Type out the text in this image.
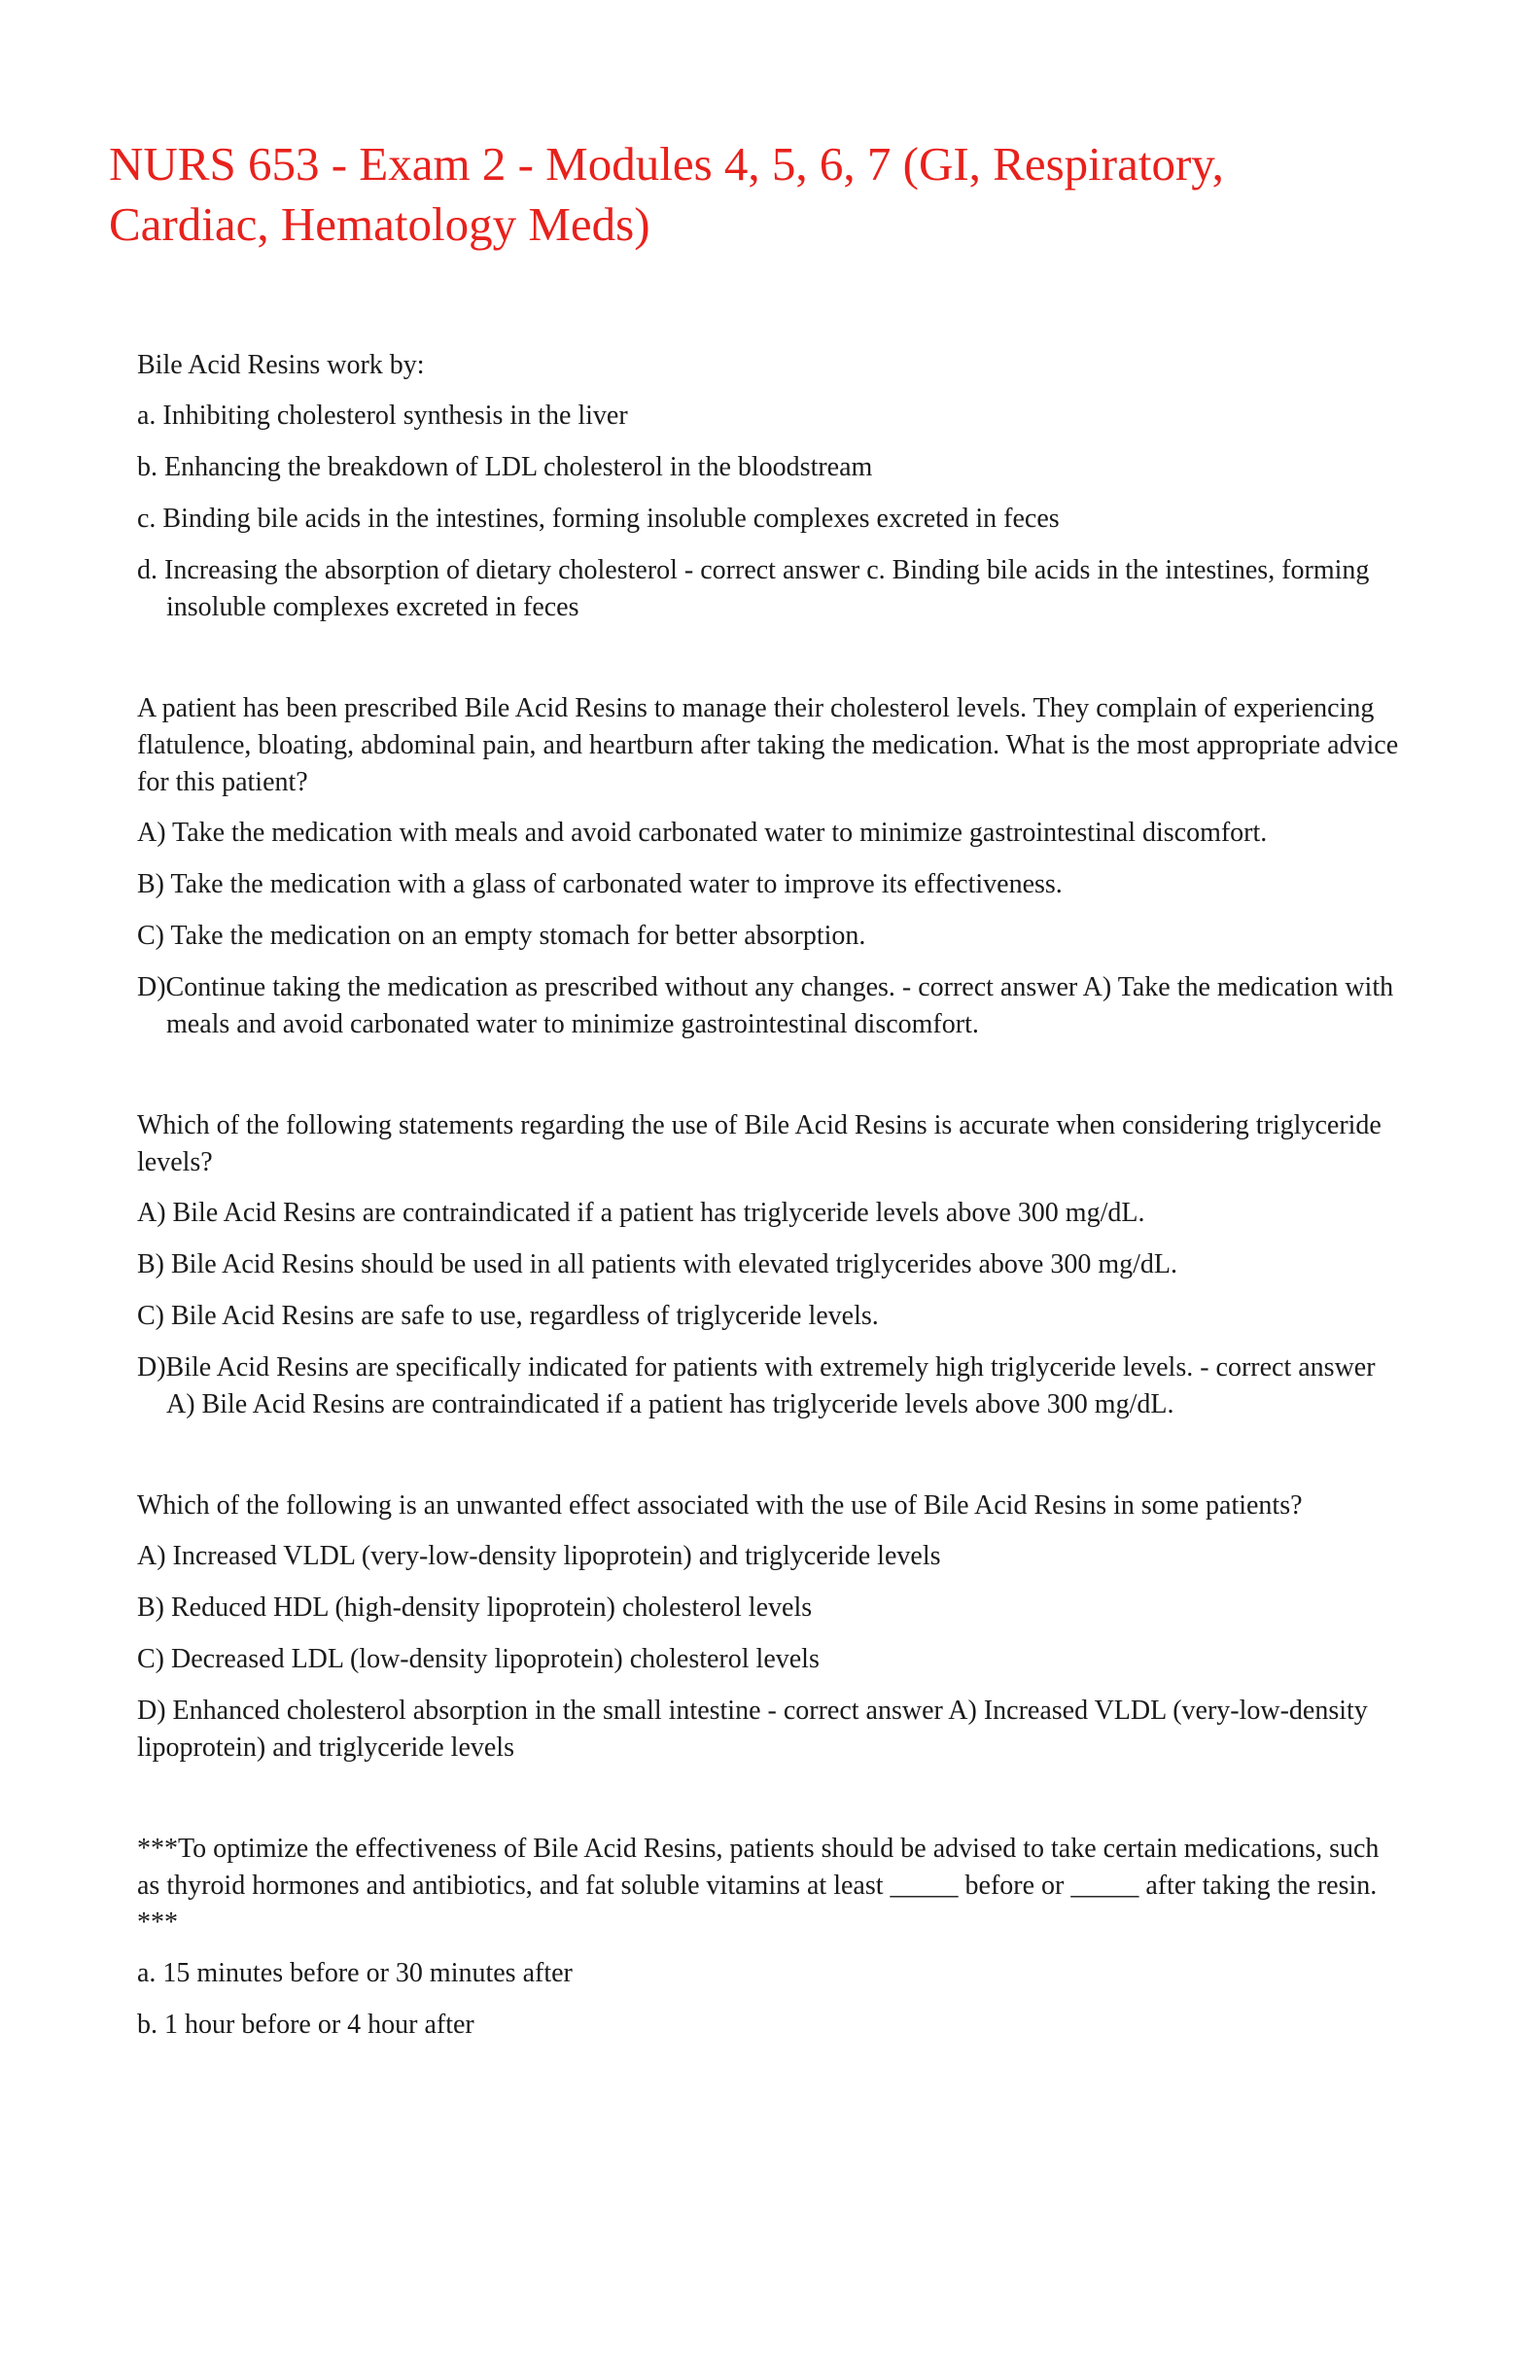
NURS 653 - Exam 2 - Modules 4, 5, 6, 7 (GI, Respiratory, Cardiac, Hematology Meds)

Bile Acid Resins work by:

a. Inhibiting cholesterol synthesis in the liver

b. Enhancing the breakdown of LDL cholesterol in the bloodstream

c. Binding bile acids in the intestines, forming insoluble complexes excreted in feces

d. Increasing the absorption of dietary cholesterol - correct answer c. Binding bile acids in the intestines, forming insoluble complexes excreted in feces

A patient has been prescribed Bile Acid Resins to manage their cholesterol levels. They complain of experiencing flatulence, bloating, abdominal pain, and heartburn after taking the medication. What is the most appropriate advice for this patient?

A) Take the medication with meals and avoid carbonated water to minimize gastrointestinal discomfort.

B) Take the medication with a glass of carbonated water to improve its effectiveness.

C) Take the medication on an empty stomach for better absorption.

D)Continue taking the medication as prescribed without any changes. - correct answer A) Take the medication with meals and avoid carbonated water to minimize gastrointestinal discomfort.

Which of the following statements regarding the use of Bile Acid Resins is accurate when considering triglyceride levels?

A) Bile Acid Resins are contraindicated if a patient has triglyceride levels above 300 mg/dL.

B) Bile Acid Resins should be used in all patients with elevated triglycerides above 300 mg/dL.

C) Bile Acid Resins are safe to use, regardless of triglyceride levels.

D)Bile Acid Resins are specifically indicated for patients with extremely high triglyceride levels. - correct answer A) Bile Acid Resins are contraindicated if a patient has triglyceride levels above 300 mg/dL.

Which of the following is an unwanted effect associated with the use of Bile Acid Resins in some patients?

A) Increased VLDL (very-low-density lipoprotein) and triglyceride levels

B) Reduced HDL (high-density lipoprotein) cholesterol levels

C) Decreased LDL (low-density lipoprotein) cholesterol levels

D) Enhanced cholesterol absorption in the small intestine - correct answer A) Increased VLDL (very-low-density lipoprotein) and triglyceride levels

***To optimize the effectiveness of Bile Acid Resins, patients should be advised to take certain medications, such as thyroid hormones and antibiotics, and fat soluble vitamins at least _____ before or _____ after taking the resin. ***

a. 15 minutes before or 30 minutes after

b. 1 hour before or 4 hour after
